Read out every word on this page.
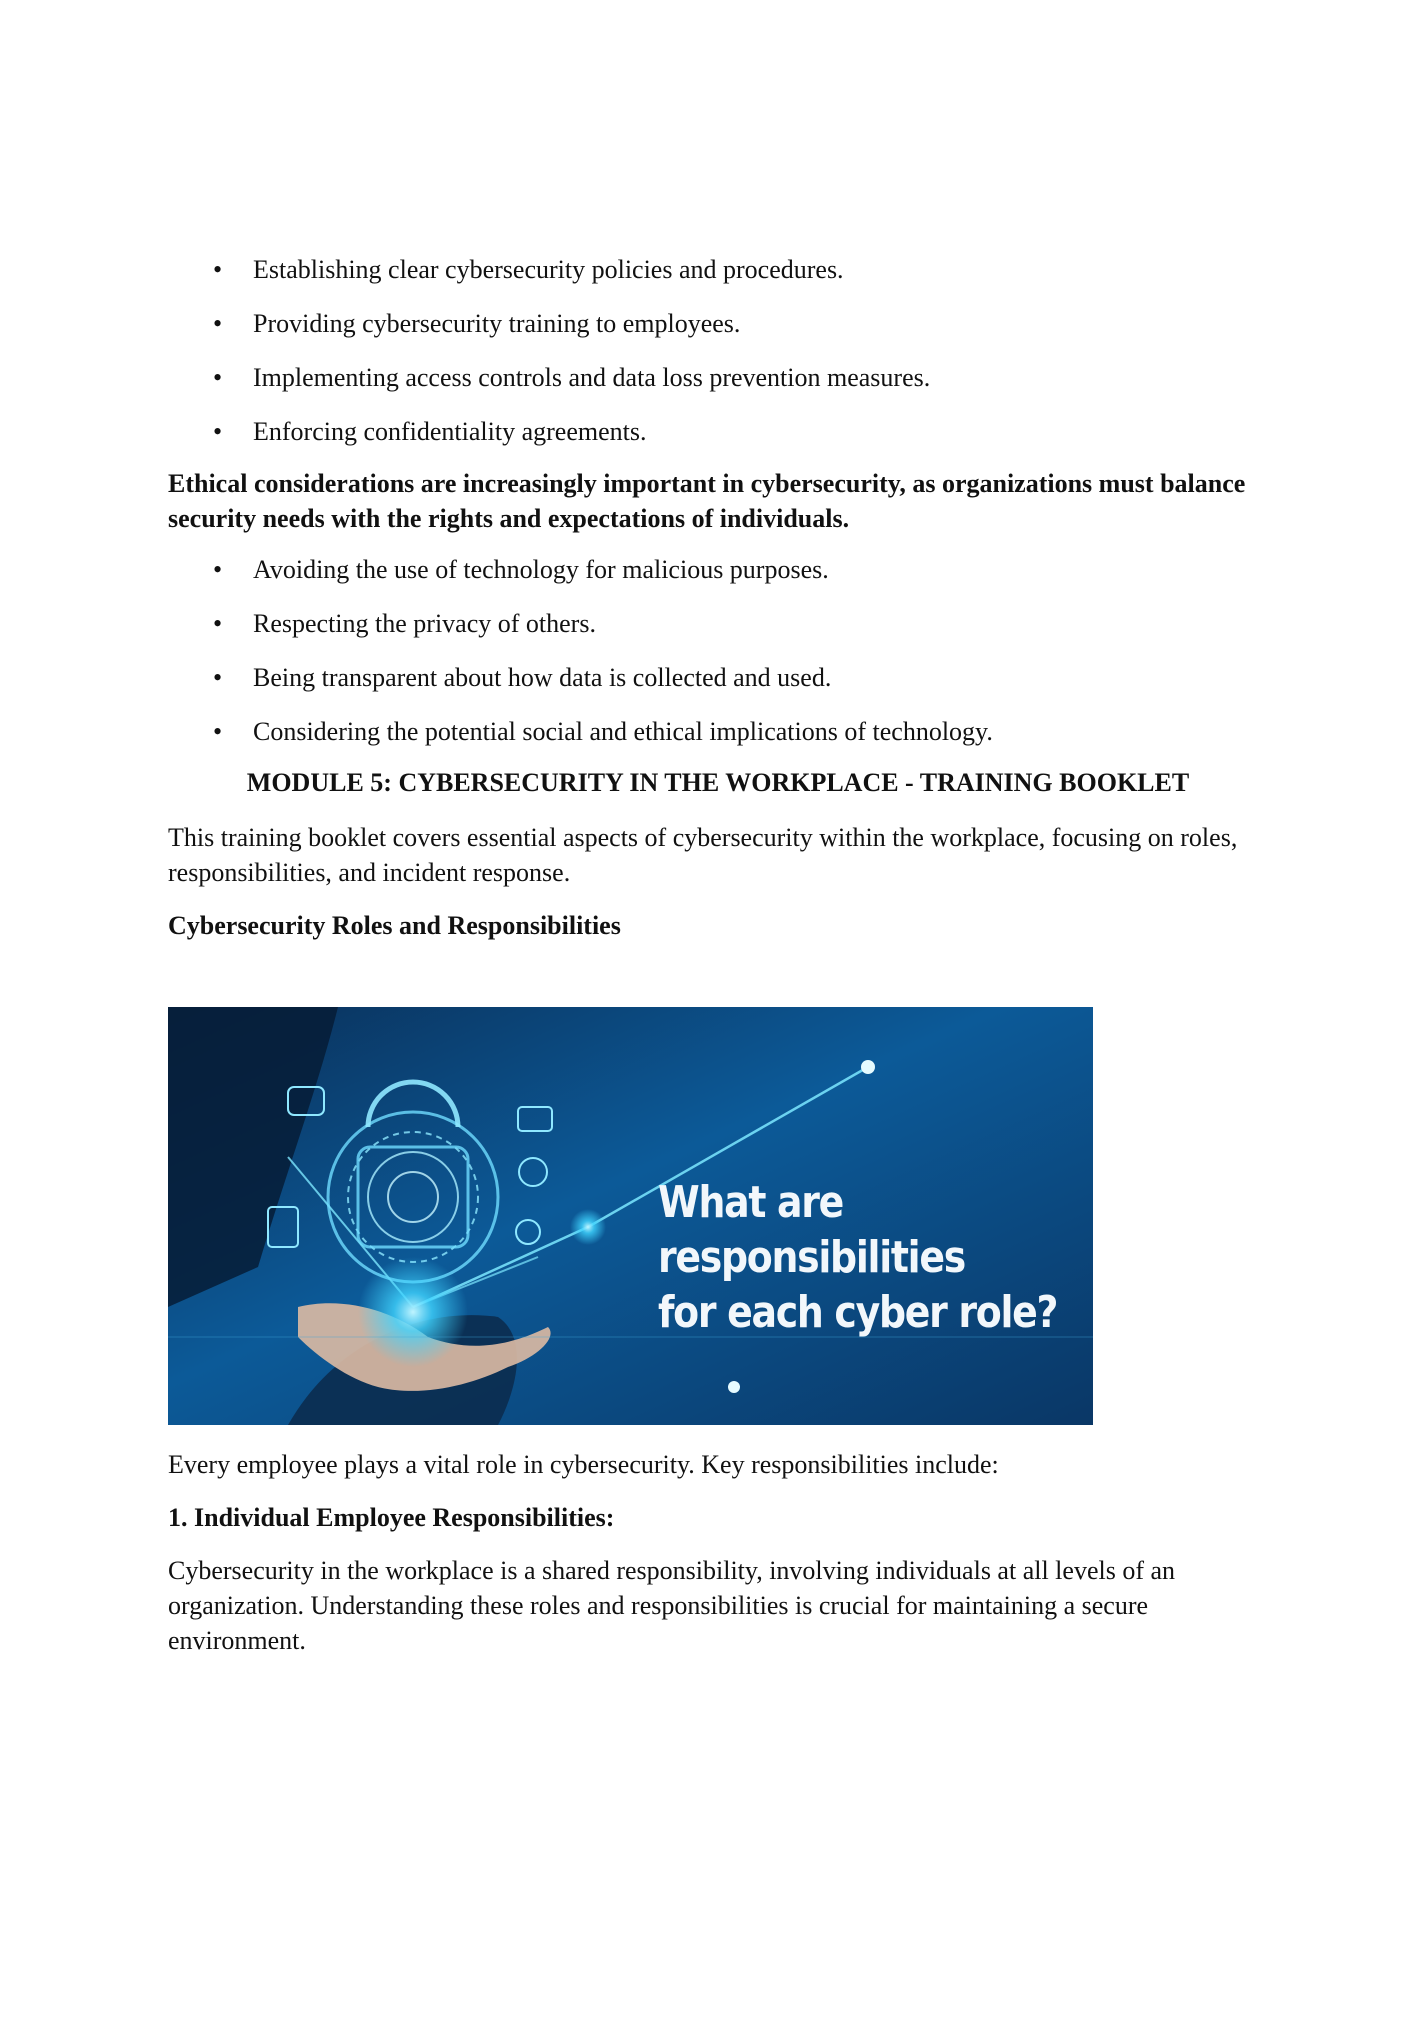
• Establishing clear cybersecurity policies and procedures.
• Providing cybersecurity training to employees.
• Implementing access controls and data loss prevention measures.
• Enforcing confidentiality agreements.

Ethical considerations are increasingly important in cybersecurity, as organizations must balance security needs with the rights and expectations of individuals.

• Avoiding the use of technology for malicious purposes.
• Respecting the privacy of others.
• Being transparent about how data is collected and used.
• Considering the potential social and ethical implications of technology.
MODULE 5: CYBERSECURITY IN THE WORKPLACE - TRAINING BOOKLET

This training booklet covers essential aspects of cybersecurity within the workplace, focusing on roles, responsibilities, and incident response.

Cybersecurity Roles and Responsibilities

What are
responsibilities
for each cyber role?

Every employee plays a vital role in cybersecurity. Key responsibilities include:

1. Individual Employee Responsibilities:

Cybersecurity in the workplace is a shared responsibility, involving individuals at all levels of an organization. Understanding these roles and responsibilities is crucial for maintaining a secure environment.
